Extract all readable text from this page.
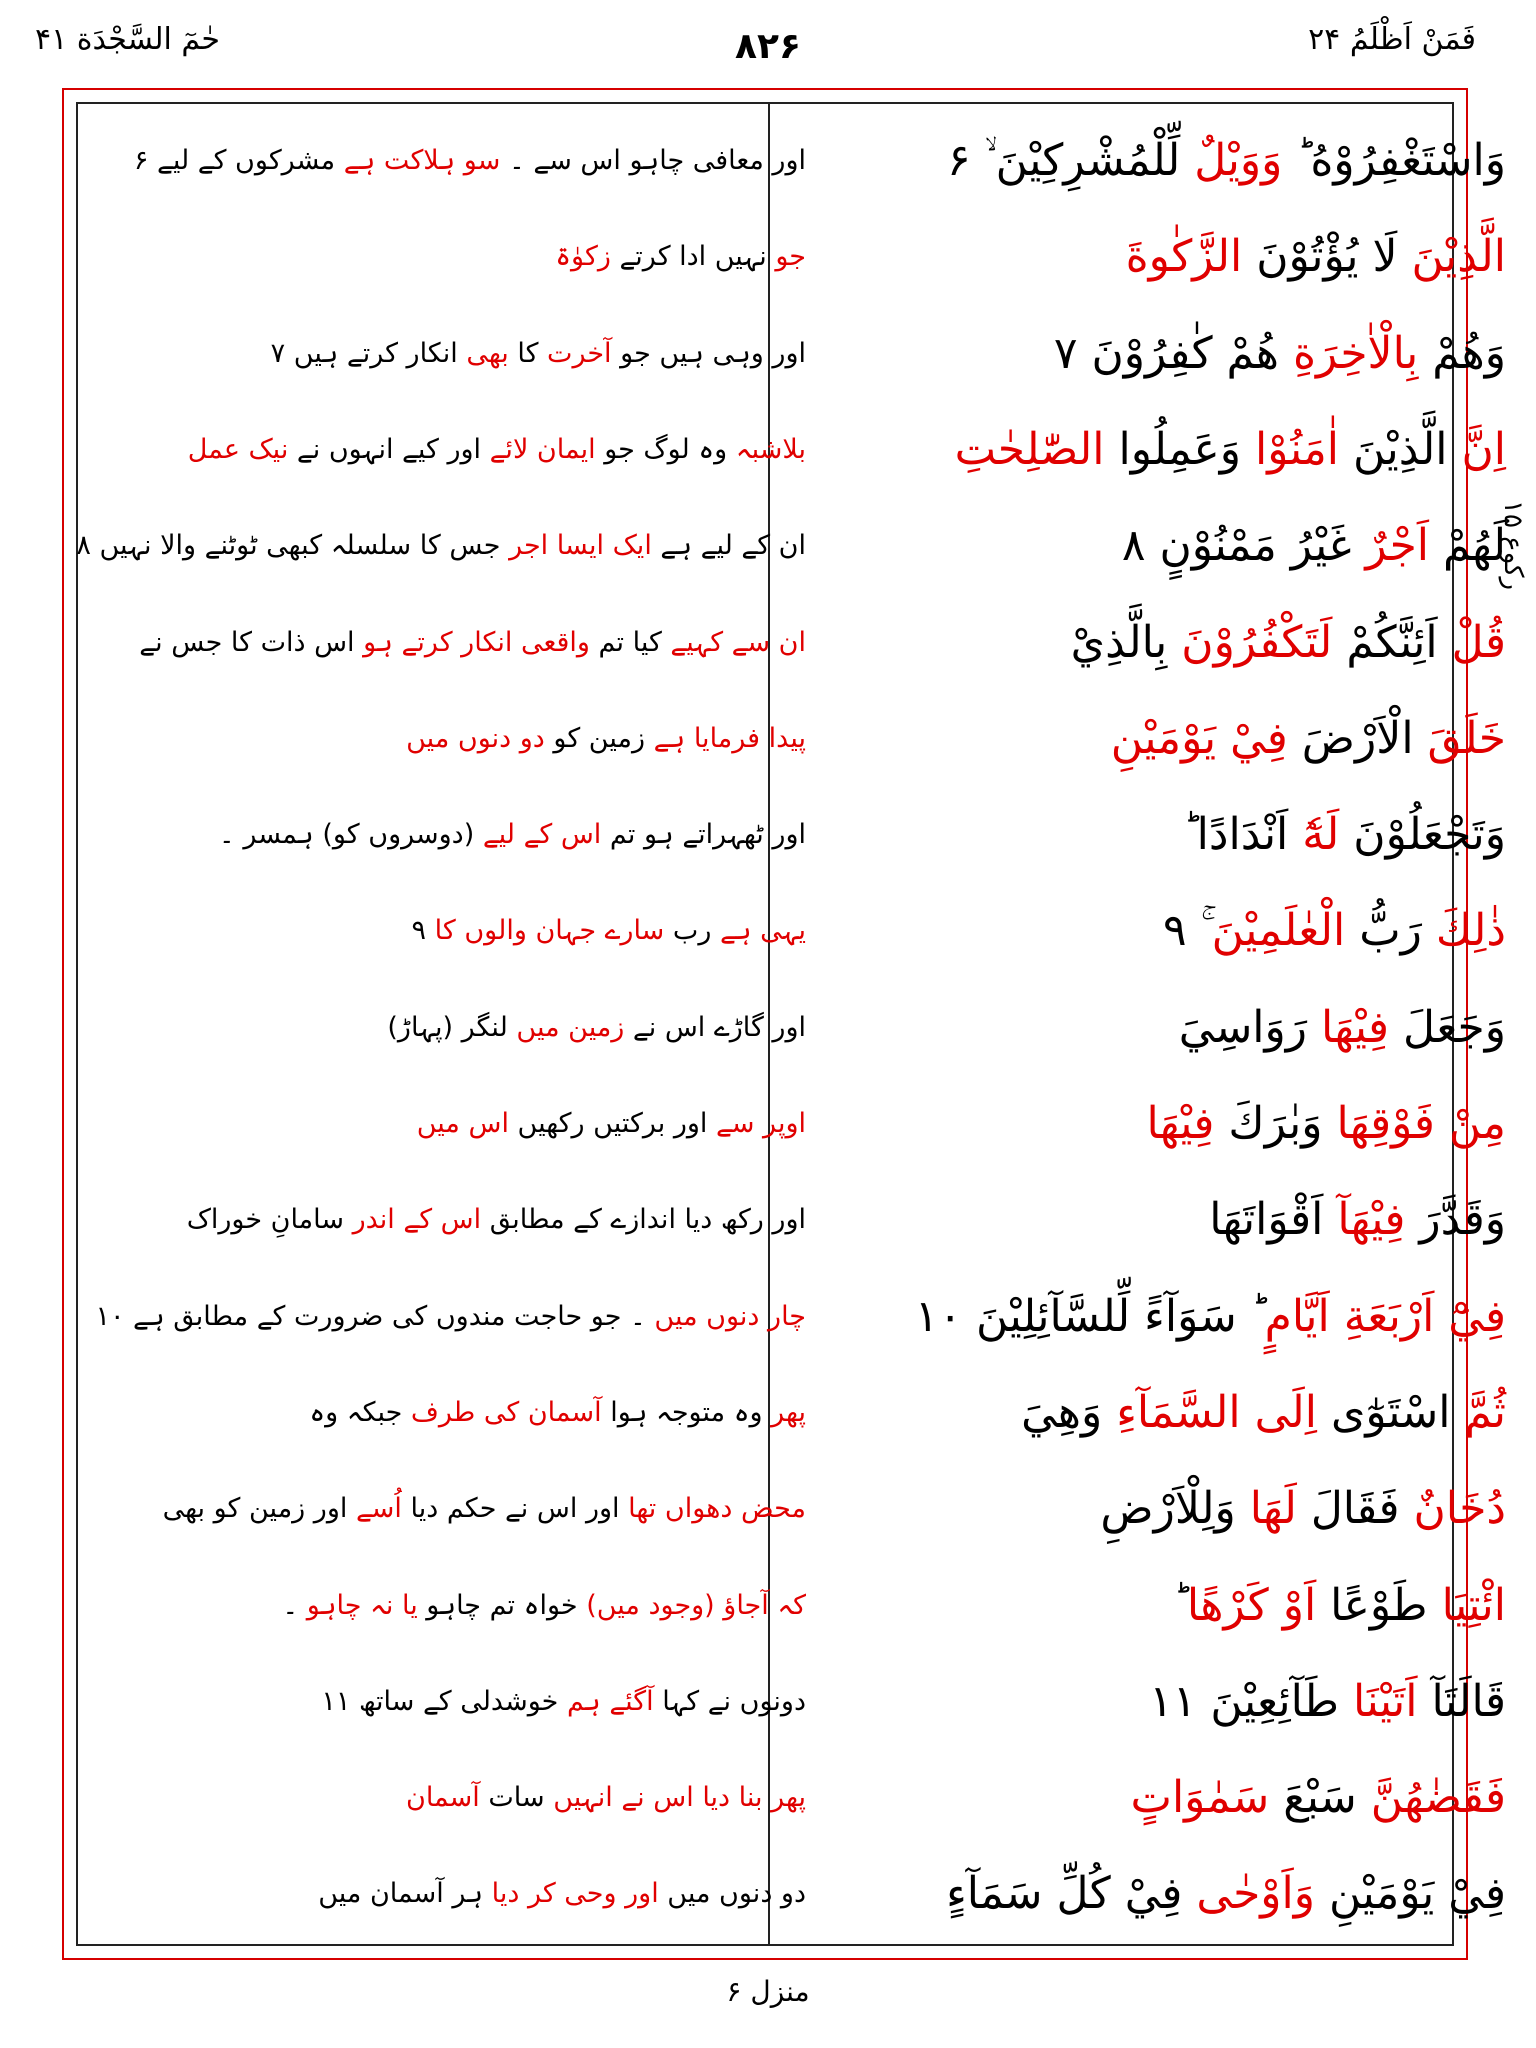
فَمَنْ اَظْلَمُ ۲۴
۸۲۶
حٰمٓ السَّجْدَة ۴۱
رکوع ۱۵
وَاسْتَغْفِرُوْهُ ؕ وَوَيْلٌ لِّلْمُشْرِكِيْنَ ۙ‏ ۶
اور معافی چاہو اس سے ۔ سو ہلاکت ہے مشرکوں کے لیے ۶
الَّذِيْنَ لَا يُؤْتُوْنَ الزَّكٰوةَ
جو نہیں ادا کرتے زکوٰۃ
وَهُمْ بِالْاٰخِرَةِ هُمْ كٰفِرُوْنَ ۷
اور وہی ہیں جو آخرت کا بھی انکار کرتے ہیں ۷
اِنَّ الَّذِيْنَ اٰمَنُوْا وَعَمِلُوا الصّٰلِحٰتِ
بلاشبہ وہ لوگ جو ایمان لائے اور کیے انہوں نے نیک عمل
لَهُمْ اَجْرٌ غَيْرُ مَمْنُوْنٍ ۸
ان کے لیے ہے ایک ایسا اجر جس کا سلسلہ کبھی ٹوٹنے والا نہیں ۸
قُلْ اَئِنَّكُمْ لَتَكْفُرُوْنَ بِالَّذِيْ
ان سے کہیے کیا تم واقعی انکار کرتے ہو اس ذات کا جس نے
خَلَقَ الْاَرْضَ فِيْ يَوْمَيْنِ
پیدا فرمایا ہے زمین کو دو دنوں میں
وَتَجْعَلُوْنَ لَهٗٓ اَنْدَادًا ؕ
اور ٹھہراتے ہو تم اس کے لیے (دوسروں کو) ہمسر ۔
ذٰلِكَ رَبُّ الْعٰلَمِيْنَ ۚ ۹
یہی ہے رب سارے جہان والوں کا ۹
وَجَعَلَ فِيْهَا رَوَاسِيَ
اور گاڑے اس نے زمین میں لنگر (پہاڑ)
مِنْ فَوْقِهَا وَبٰرَكَ فِيْهَا
اوپر سے اور برکتیں رکھیں اس میں
وَقَدَّرَ فِيْهَآ اَقْوَاتَهَا
اور رکھ دیا اندازے کے مطابق اس کے اندر سامانِ خوراک
فِيْٓ اَرْبَعَةِ اَيَّامٍ ؕ سَوَآءً لِّلسَّآئِلِيْنَ ۱۰
چار دنوں میں ۔ جو حاجت مندوں کی ضرورت کے مطابق ہے ۱۰
ثُمَّ اسْتَوٰٓى اِلَى السَّمَآءِ وَهِيَ
پھر وہ متوجہ ہوا آسمان کی طرف جبکہ وہ
دُخَانٌ فَقَالَ لَهَا وَلِلْاَرْضِ
محض دھواں تھا اور اس نے حکم دیا اُسے اور زمین کو بھی
ائْتِيَا طَوْعًا اَوْ كَرْهًا ؕ
کہ آجاؤ (وجود میں) خواہ تم چاہو یا نہ چاہو ۔
قَالَتَآ اَتَيْنَا طَآئِعِيْنَ ۱۱
دونوں نے کہا آگئے ہم خوشدلی کے ساتھ ۱۱
فَقَضٰهُنَّ سَبْعَ سَمٰوَاتٍ
پھر بنا دیا اس نے انہیں سات آسمان
فِيْ يَوْمَيْنِ وَاَوْحٰى فِيْ كُلِّ سَمَآءٍ
دو دنوں میں اور وحی کر دیا ہر آسمان میں
منزل ۶
